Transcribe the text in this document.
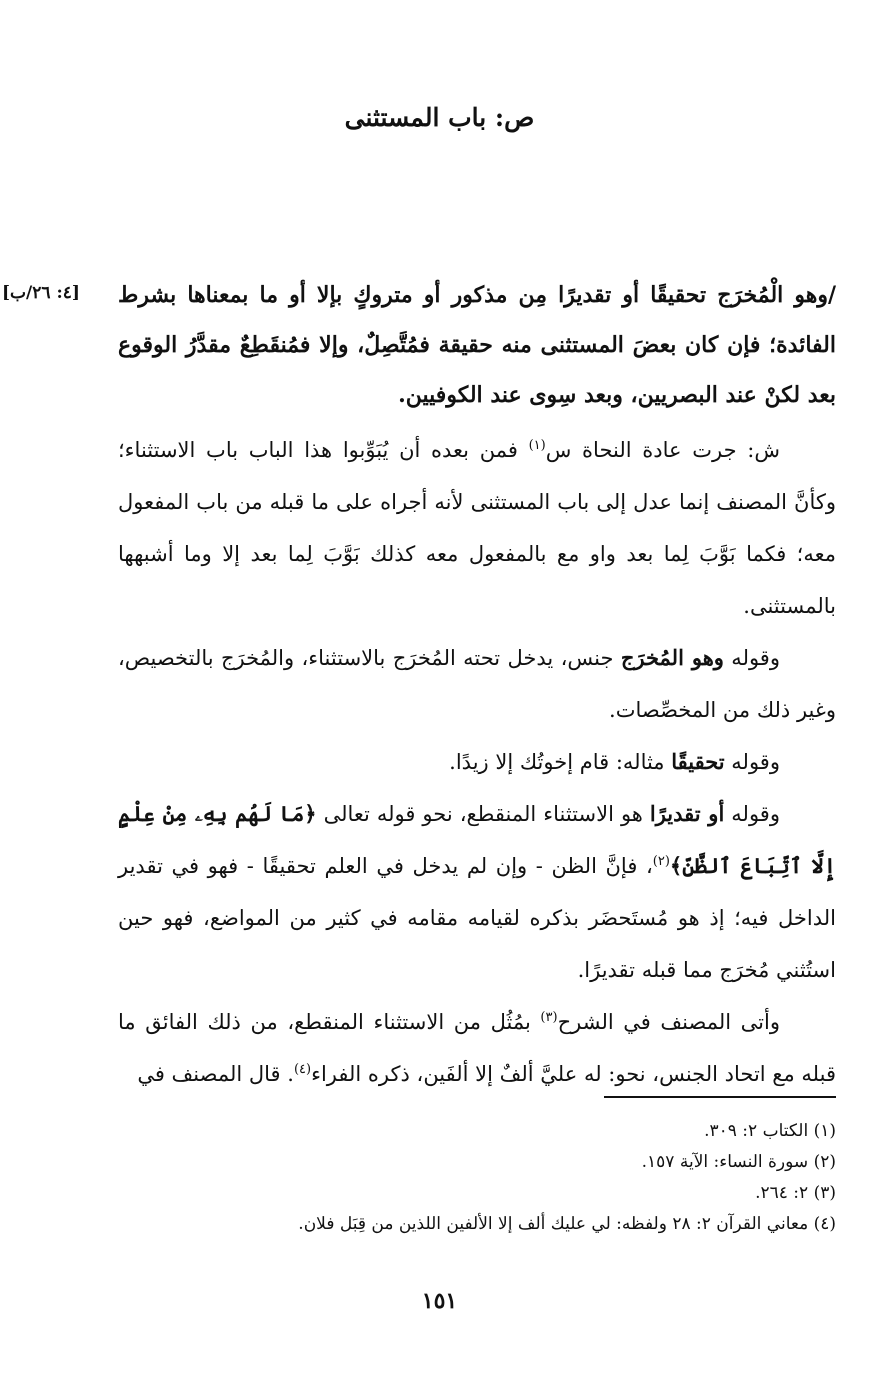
ص: باب المستثنى
[٤: ٢٦/ب] /وهو الْمُخرَج تحقيقًا أو تقديرًا مِن مذكور أو متروكٍ بإلا أو ما بمعناها بشرط الفائدة؛ فإن كان بعضَ المستثنى منه حقيقة فمُتَّصِلٌ، وإلا فمُنقَطِعٌ مقدَّرُ الوقوع بعد لكنْ عند البصريين، وبعد سِوى عند الكوفيين.

ش: جرت عادة النحاة س$^{(١)}$ فمن بعده أن يُبَوِّبوا هذا الباب باب الاستثناء؛ وكأنَّ المصنف إنما عدل إلى باب المستثنى لأنه أجراه على ما قبله من باب المفعول معه؛ فكما بَوَّبَ لِما بعد واو مع بالمفعول معه كذلك بَوَّبَ لِما بعد إلا وما أشبهها بالمستثنى.

وقوله وهو المُخرَج جنس، يدخل تحته المُخرَج بالاستثناء، والمُخرَج بالتخصيص، وغير ذلك من المخصِّصات.

وقوله تحقيقًا مثاله: قام إخوتُك إلا زيدًا.

وقوله أو تقديرًا هو الاستثناء المنقطع، نحو قوله تعالى ﴿مَا لَهُم بِهِۦ مِنْ عِلْمٍ إِلَّا ٱتِّبَاعَ ٱلظَّنِّ﴾$^{(٢)}$، فإنَّ الظن - وإن لم يدخل في العلم تحقيقًا - فهو في تقدير الداخل فيه؛ إذ هو مُستَحضَر بذكره لقيامه مقامه في كثير من المواضع، فهو حين استُثني مُخرَج مما قبله تقديرًا.

وأتى المصنف في الشرح$^{(٣)}$ بمُثُل من الاستثناء المنقطع، من ذلك الفائق ما قبله مع اتحاد الجنس، نحو: له عليَّ ألفٌ إلا ألفَين، ذكره الفراء$^{(٤)}$. قال المصنف في

(١) الكتاب ٢: ٣٠٩.
(٢) سورة النساء: الآية ١٥٧.
(٣) ٢: ٢٦٤.
(٤) معاني القرآن ٢: ٢٨ ولفظه: لي عليك ألف إلا الألفين اللذين من قِبَل فلان.
١٥١
